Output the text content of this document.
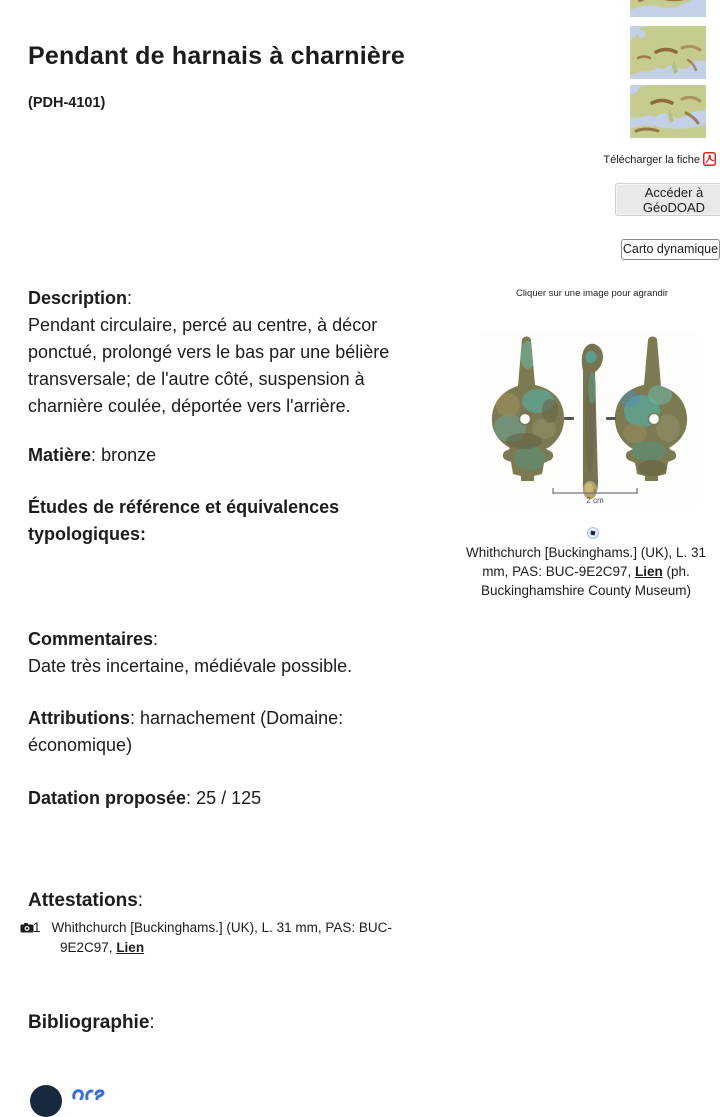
Pendant de harnais à charnière
(PDH-4101)
Description:
Pendant circulaire, percé au centre, à décor ponctué, prolongé vers le bas par une bélière transversale; de l'autre côté, suspension à charnière coulée, déportée vers l'arrière.
Matière: bronze
Études de référence et équivalences typologiques:
Commentaires:
Date très incertaine, médiévale possible.
Attributions: harnachement (Domaine: économique)
Datation proposée: 25 / 125
Attestations:
1 Whithchurch [Buckinghams.] (UK), L. 31 mm, PAS: BUC-9E2C97, Lien
Bibliographie:
Télécharger la fiche
Accéder à
GéoDOAD
Carto dynamique
Cliquer sur une image pour agrandir
2 cm
Whithchurch [Buckinghams.] (UK), L. 31 mm, PAS: BUC-9E2C97, Lien (ph. Buckinghamshire County Museum)
